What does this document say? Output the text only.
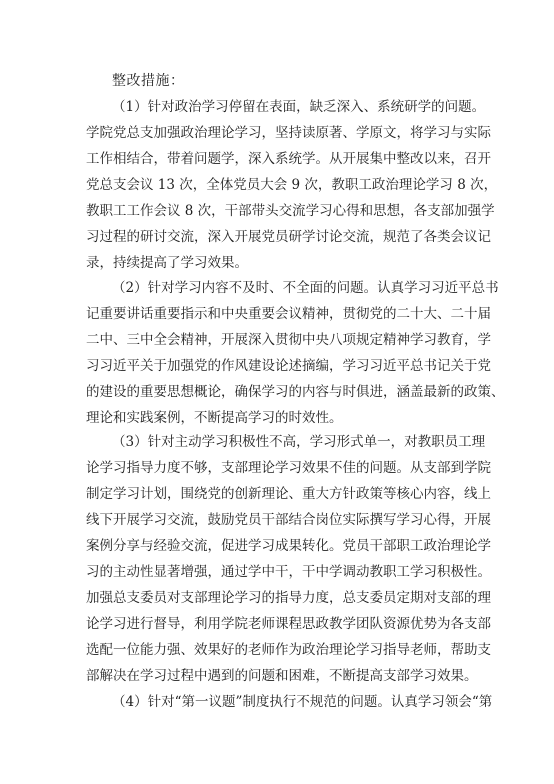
整改措施：
（1）针对政治学习停留在表面，缺乏深入、系统研学的问题。
学院党总支加强政治理论学习，坚持读原著、学原文，将学习与实际
工作相结合，带着问题学，深入系统学。从开展集中整改以来，召开
党总支会议 13 次，全体党员大会 9 次，教职工政治理论学习 8 次，
教职工工作会议 8 次，干部带头交流学习心得和思想，各支部加强学
习过程的研讨交流，深入开展党员研学讨论交流，规范了各类会议记
录，持续提高了学习效果。
（2）针对学习内容不及时、不全面的问题。认真学习习近平总书
记重要讲话重要指示和中央重要会议精神，贯彻党的二十大、二十届
二中、三中全会精神，开展深入贯彻中央八项规定精神学习教育，学
习习近平关于加强党的作风建设论述摘编，学习习近平总书记关于党
的建设的重要思想概论，确保学习的内容与时俱进，涵盖最新的政策、
理论和实践案例，不断提高学习的时效性。
（3）针对主动学习积极性不高，学习形式单一，对教职员工理
论学习指导力度不够，支部理论学习效果不佳的问题。从支部到学院
制定学习计划，围绕党的创新理论、重大方针政策等核心内容，线上
线下开展学习交流，鼓励党员干部结合岗位实际撰写学习心得，开展
案例分享与经验交流，促进学习成果转化。党员干部职工政治理论学
习的主动性显著增强，通过学中干，干中学调动教职工学习积极性。
加强总支委员对支部理论学习的指导力度，总支委员定期对支部的理
论学习进行督导，利用学院老师课程思政教学团队资源优势为各支部
选配一位能力强、效果好的老师作为政治理论学习指导老师，帮助支
部解决在学习过程中遇到的问题和困难，不断提高支部学习效果。
（4）针对“第一议题”制度执行不规范的问题。认真学习领会“第
